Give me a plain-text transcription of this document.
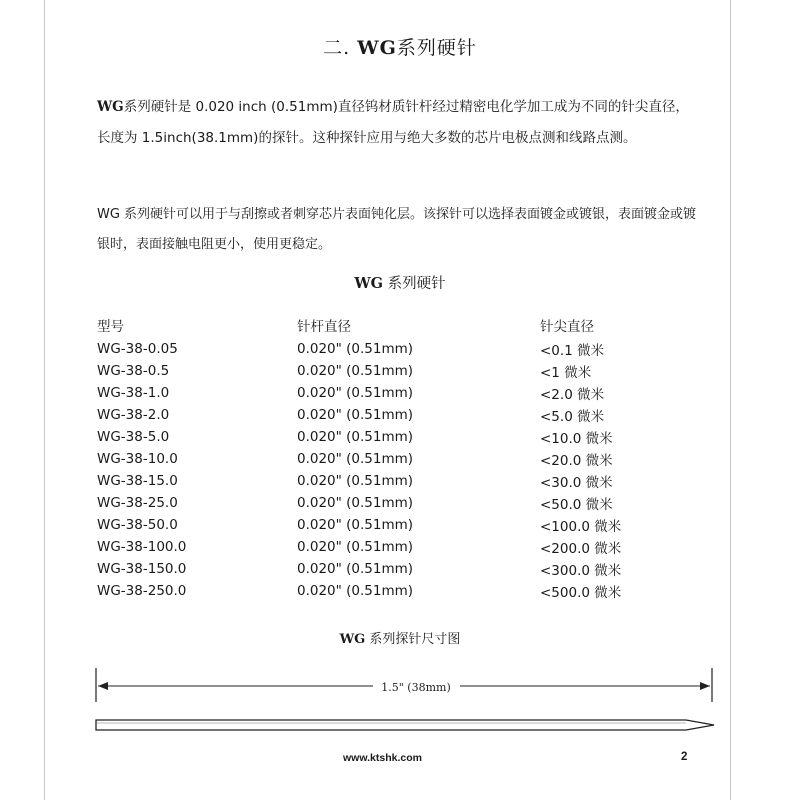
二. WG系列硬针

WG系列硬针是 0.020 inch (0.51mm)直径钨材质针杆经过精密电化学加工成为不同的针尖直径，长度为 1.5inch(38.1mm)的探针。这种探针应用与绝大多数的芯片电极点测和线路点测。

WG 系列硬针可以用于与刮擦或者刺穿芯片表面钝化层。该探针可以选择表面镀金或镀银，表面镀金或镀银时，表面接触电阻更小，使用更稳定。

WG 系列硬针
型号	针杆直径	针尖直径
WG-38-0.05	0.020" (0.51mm)	<0.1 微米
WG-38-0.5	0.020" (0.51mm)	<1 微米
WG-38-1.0	0.020" (0.51mm)	<2.0 微米
WG-38-2.0	0.020" (0.51mm)	<5.0 微米
WG-38-5.0	0.020" (0.51mm)	<10.0 微米
WG-38-10.0	0.020" (0.51mm)	<20.0 微米
WG-38-15.0	0.020" (0.51mm)	<30.0 微米
WG-38-25.0	0.020" (0.51mm)	<50.0 微米
WG-38-50.0	0.020" (0.51mm)	<100.0 微米
WG-38-100.0	0.020" (0.51mm)	<200.0 微米
WG-38-150.0	0.020" (0.51mm)	<300.0 微米
WG-38-250.0	0.020" (0.51mm)	<500.0 微米
WG 系列探针尺寸图
1.5" (38mm)
www.ktshk.com	2
